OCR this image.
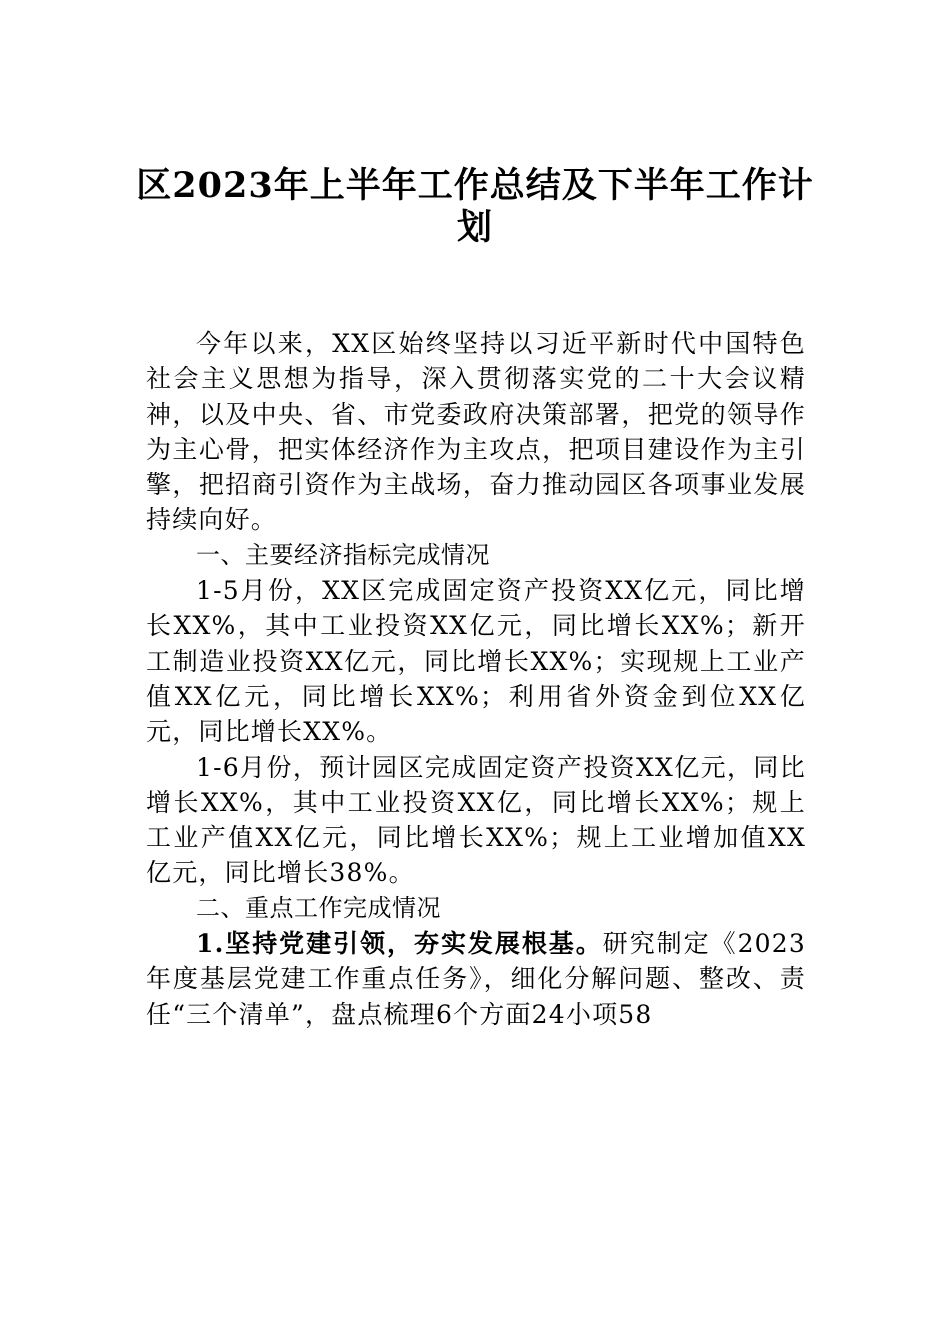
区2023年上半年工作总结及下半年工作计
划

今年以来，XX区始终坚持以习近平新时代中国特色社会主义思想为指导，深入贯彻落实党的二十大会议精神，以及中央、省、市党委政府决策部署，把党的领导作为主心骨，把实体经济作为主攻点，把项目建设作为主引擎，把招商引资作为主战场，奋力推动园区各项事业发展持续向好。

一、主要经济指标完成情况

1-5月份，XX区完成固定资产投资XX亿元，同比增长XX%，其中工业投资XX亿元，同比增长XX%；新开工制造业投资XX亿元，同比增长XX%；实现规上工业产值XX亿元，同比增长XX%；利用省外资金到位XX亿元，同比增长XX%。

1-6月份，预计园区完成固定资产投资XX亿元，同比增长XX%，其中工业投资XX亿，同比增长XX%；规上工业产值XX亿元，同比增长XX%；规上工业增加值XX亿元，同比增长38%。

二、重点工作完成情况

1.坚持党建引领，夯实发展根基。研究制定《2023年度基层党建工作重点任务》，细化分解问题、整改、责任“三个清单”，盘点梳理6个方面24小项58
